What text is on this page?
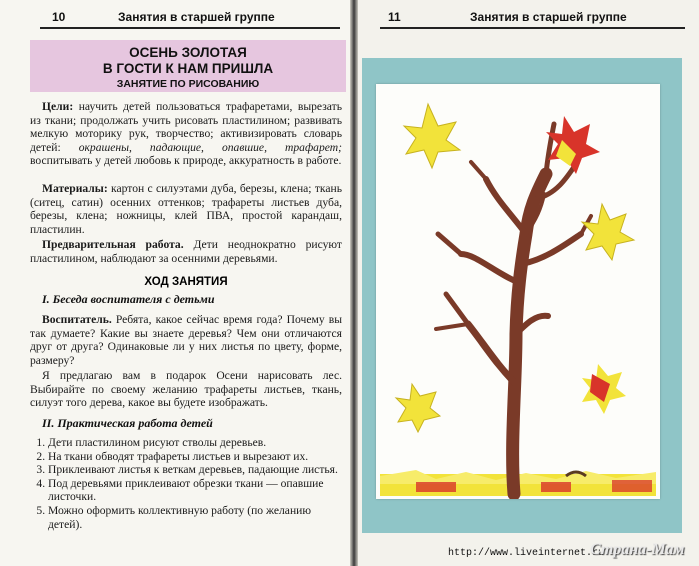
10	Занятия в старшей группе
ОСЕНЬ ЗОЛОТАЯ
В ГОСТИ К НАМ ПРИШЛА
ЗАНЯТИЕ ПО РИСОВАНИЮ

Цели: научить детей пользоваться трафаретами, вырезать из ткани; продолжать учить рисовать пластилином; развивать мелкую моторику рук, творчество; активизировать словарь детей: окрашены, падающие, опавшие, трафарет; воспитывать у детей любовь к природе, аккуратность в работе.

Материалы: картон с силуэтами дуба, березы, клена; ткань (ситец, сатин) осенних оттенков; трафареты листьев дуба, березы, клена; ножницы, клей ПВА, простой карандаш, пластилин.

Предварительная работа. Дети неоднократно рисуют пластилином, наблюдают за осенними деревьями.

ХОД ЗАНЯТИЯ
I. Беседа воспитателя с детьми

Воспитатель. Ребята, какое сейчас время года? Почему вы так думаете? Какие вы знаете деревья? Чем они отличаются друг от друга? Одинаковые ли у них листья по цвету, форме, размеру?

Я предлагаю вам в подарок Осени нарисовать лес. Выбирайте по своему желанию трафареты листьев, ткань, силуэт того дерева, какое вы будете изображать.

II. Практическая работа детей
1. Дети пластилином рисуют стволы деревьев.
2. На ткани обводят трафареты листьев и вырезают их.
3. Приклеивают листья к веткам деревьев, падающие листья.
4. Под деревьями приклеивают обрезки ткани — опавшие листочки.
5. Можно оформить коллективную работу (по желанию детей).
11	Занятия в старшей группе
http://www.liveinternet.ru
Страна-Мам
